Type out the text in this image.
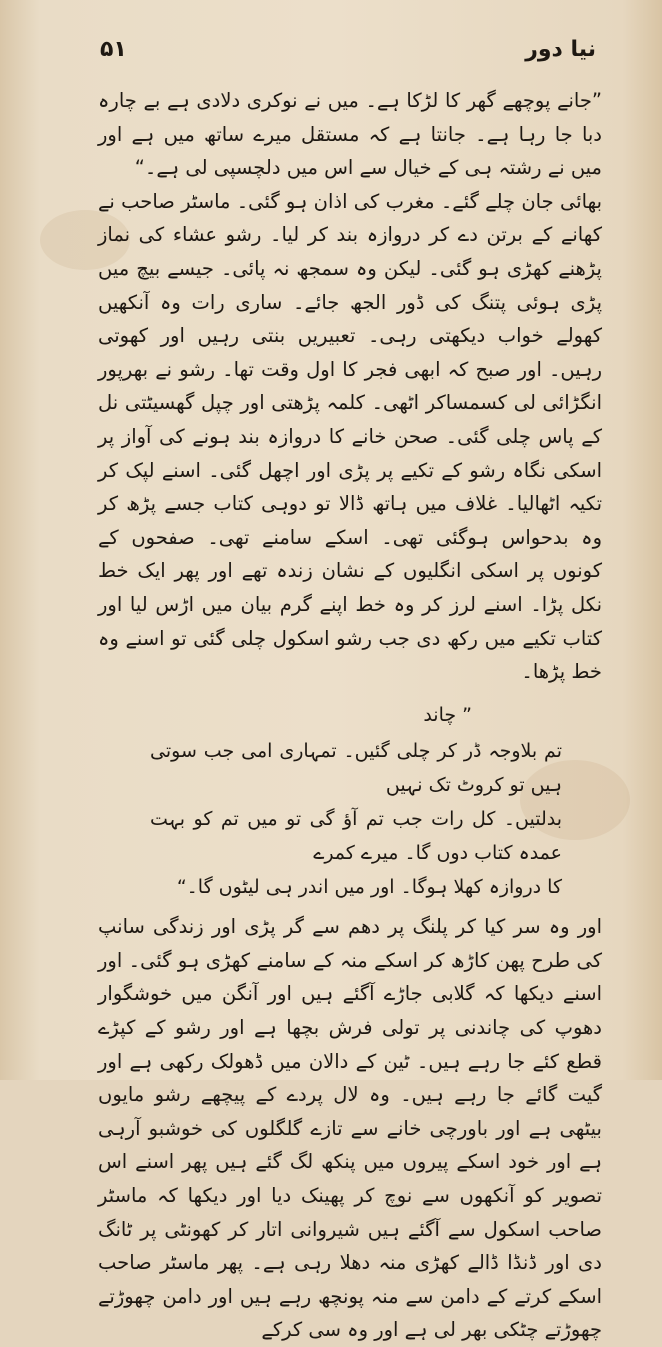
نیا دور
۵۱

”جانے پوچھے گھر کا لڑکا ہے۔ میں نے نوکری دلادی ہے بے چارہ دبا جا رہا ہے۔ جانتا ہے کہ مستقل میرے ساتھ میں ہے اور میں نے رشتہ ہی کے خیال سے اس میں دلچسپی لی ہے۔“

بھائی جان چلے گئے۔ مغرب کی اذان ہو گئی۔ ماسٹر صاحب نے کھانے کے برتن دے کر دروازہ بند کر لیا۔ رشو عشاء کی نماز پڑھنے کھڑی ہو گئی۔ لیکن وہ سمجھ نہ پائی۔ جیسے بیچ میں پڑی ہوئی پتنگ کی ڈور الجھ جائے۔ ساری رات وہ آنکھیں کھولے خواب دیکھتی رہی۔ تعبیریں بنتی رہیں اور کھوتی رہیں۔ اور صبح کہ ابھی فجر کا اول وقت تھا۔ رشو نے بھرپور انگڑائی لی کسمساکر اٹھی۔ کلمہ پڑھتی اور چپل گھسیٹتی نل کے پاس چلی گئی۔ صحن خانے کا دروازہ بند ہونے کی آواز پر اسکی نگاہ رشو کے تکیے پر پڑی اور اچھل گئی۔ اسنے لپک کر تکیہ اٹھالیا۔ غلاف میں ہاتھ ڈالا تو دوہی کتاب جسے پڑھ کر وہ بدحواس ہوگئی تھی۔ اسکے سامنے تھی۔ صفحوں کے کونوں پر اسکی انگلیوں کے نشان زندہ تھے اور پھر ایک خط نکل پڑا۔ اسنے لرز کر وہ خط اپنے گرم بیان میں اڑس لیا اور کتاب تکیے میں رکھ دی جب رشو اسکول چلی گئی تو اسنے وہ خط پڑھا۔

” چاند
تم بلاوجہ ڈر کر چلی گئیں۔ تمہاری امی جب سوتی ہیں تو کروٹ تک نہیں
بدلتیں۔ کل رات جب تم آؤ گی تو میں تم کو بہت عمدہ کتاب دوں گا۔ میرے کمرے
کا دروازہ کھلا ہوگا۔ اور میں اندر ہی لیٹوں گا۔“

اور وہ سر کیا کر پلنگ پر دھم سے گر پڑی اور زندگی سانپ کی طرح پھن کاڑھ کر اسکے منہ کے سامنے کھڑی ہو گئی۔ اور اسنے دیکھا کہ گلابی جاڑے آگئے ہیں اور آنگن میں خوشگوار دھوپ کی چاندنی پر تولی فرش بچھا ہے اور رشو کے کپڑے قطع کئے جا رہے ہیں۔ ٹین کے دالان میں ڈھولک رکھی ہے اور گیت گائے جا رہے ہیں۔ وہ لال پردے کے پیچھے رشو مایوں بیٹھی ہے اور باورچی خانے سے تازے گلگلوں کی خوشبو آرہی ہے اور خود اسکے پیروں میں پنکھ لگ گئے ہیں پھر اسنے اس تصویر کو آنکھوں سے نوچ کر پھینک دیا اور دیکھا کہ ماسٹر صاحب اسکول سے آگئے ہیں شیروانی اتار کر کھونٹی پر ٹانگ دی اور ڈنڈا ڈالے کھڑی منہ دھلا رہی ہے۔ پھر ماسٹر صاحب اسکے کرتے کے دامن سے منہ پونچھ رہے ہیں اور دامن چھوڑتے چھوڑتے چٹکی بھر لی ہے اور وہ سی کرکے
